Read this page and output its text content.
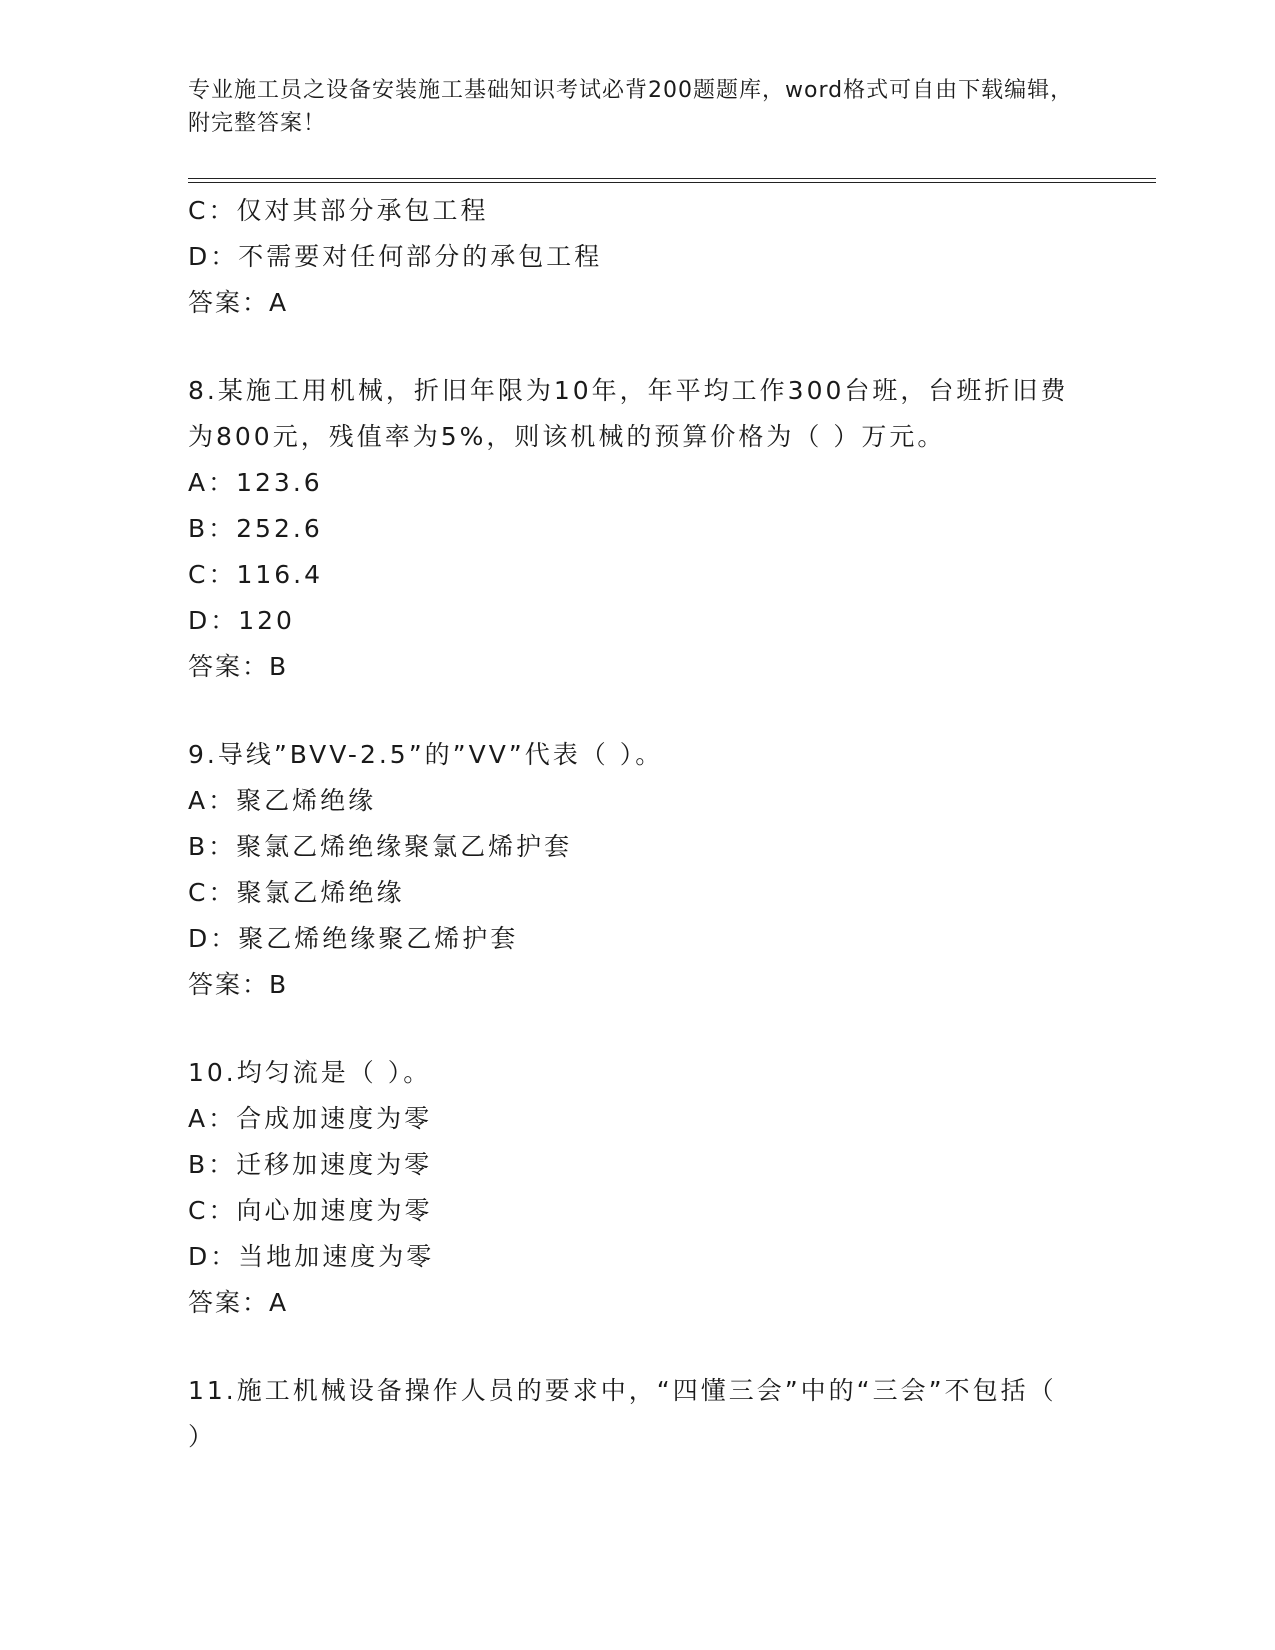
专业施工员之设备安装施工基础知识考试必背200题题库，word格式可自由下载编辑，附完整答案！
C：仅对其部分承包工程
D：不需要对任何部分的承包工程
答案：A
8.某施工用机械，折旧年限为10年，年平均工作300台班，台班折旧费为800元，残值率为5%，则该机械的预算价格为（ ）万元。
A：123.6
B：252.6
C：116.4
D：120
答案：B
9.导线”BVV-2.5”的”VV”代表（ ）。
A：聚乙烯绝缘
B：聚氯乙烯绝缘聚氯乙烯护套
C：聚氯乙烯绝缘
D：聚乙烯绝缘聚乙烯护套
答案：B
10.均匀流是（ ）。
A：合成加速度为零
B：迁移加速度为零
C：向心加速度为零
D：当地加速度为零
答案：A
11.施工机械设备操作人员的要求中，“四懂三会”中的“三会”不包括（ ）
